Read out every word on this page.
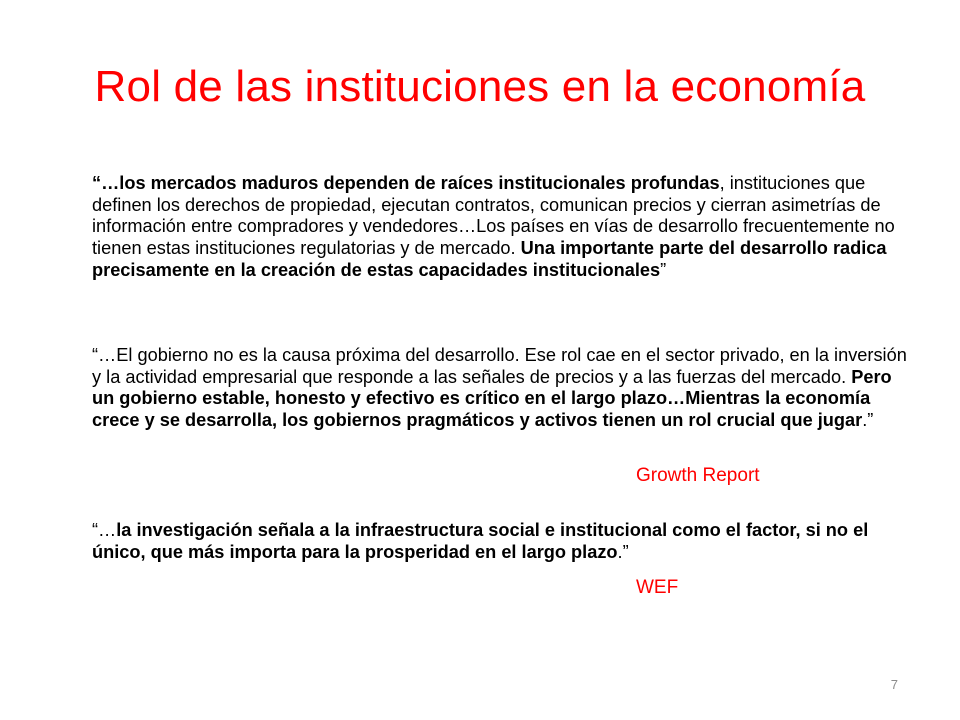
Rol de las instituciones en la economía
“…los mercados maduros dependen de raíces institucionales profundas, instituciones que definen los derechos de propiedad, ejecutan contratos, comunican precios y cierran asimetrías de información entre compradores y vendedores…Los países en vías de desarrollo frecuentemente no tienen estas instituciones regulatorias y de mercado. Una importante parte del desarrollo radica precisamente en la creación de estas capacidades institucionales”
“…El gobierno no es la causa próxima del desarrollo. Ese rol cae en el sector privado, en la inversión y la actividad empresarial que responde a las señales de precios y a las fuerzas del mercado. Pero un gobierno estable, honesto y efectivo es crítico en el largo plazo…Mientras la economía crece y se desarrolla, los gobiernos pragmáticos y activos tienen un rol crucial que jugar.”
Growth Report
“…la investigación señala a la infraestructura social e institucional como el factor, si no el único, que más importa para la prosperidad en el largo plazo.”
WEF
7
